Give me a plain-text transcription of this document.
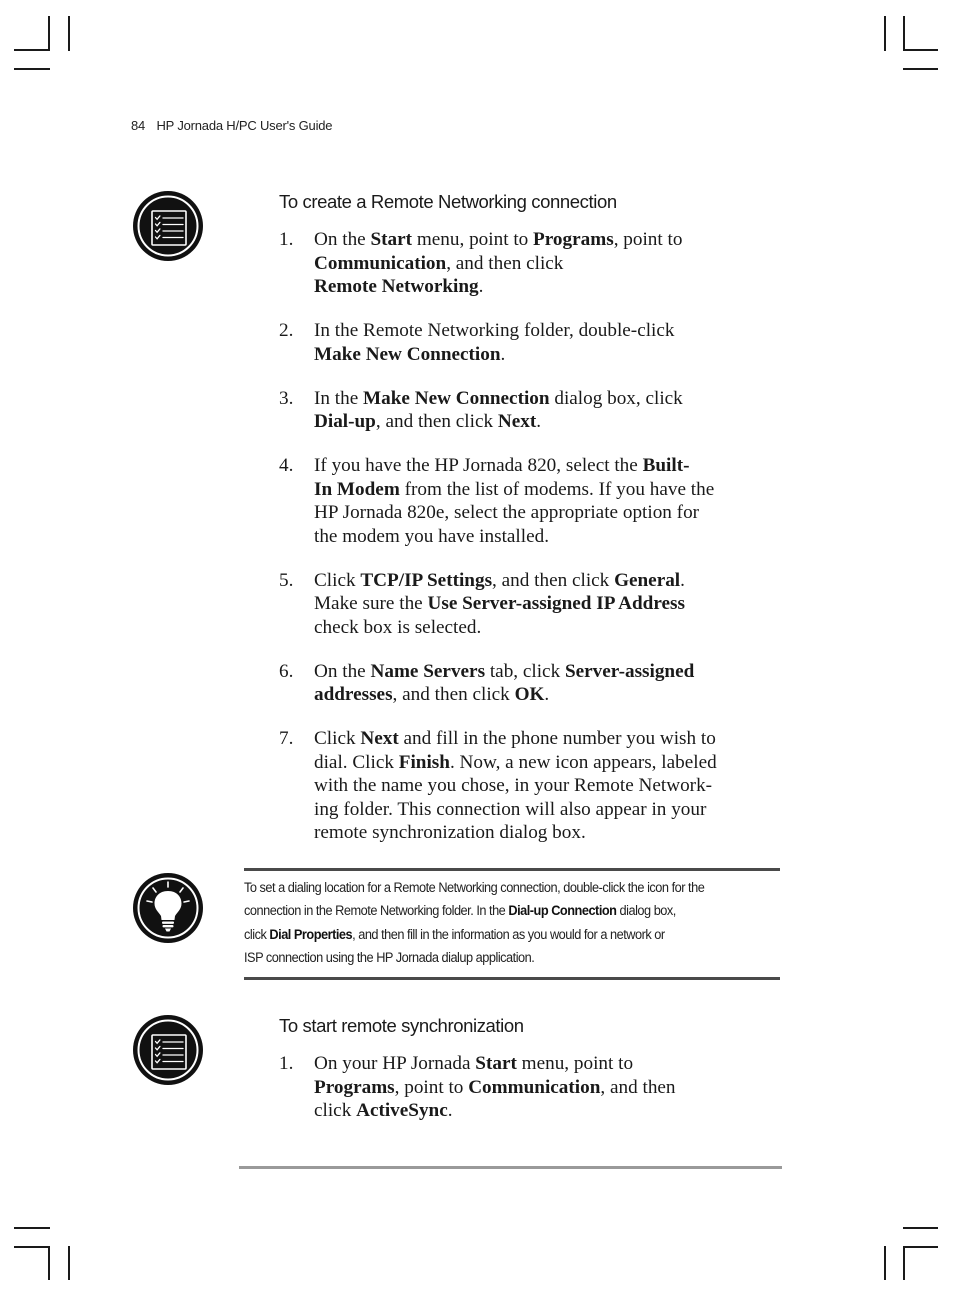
84 HP Jornada H/PC User's Guide
To create a Remote Networking connection
1. On the Start menu, point to Programs, point to
Communication, and then click
Remote Networking.
2. In the Remote Networking folder, double-click
Make New Connection.
3. In the Make New Connection dialog box, click
Dial-up, and then click Next.
4. If you have the HP Jornada 820, select the Built-
In Modem from the list of modems. If you have the
HP Jornada 820e, select the appropriate option for
the modem you have installed.
5. Click TCP/IP Settings, and then click General.
Make sure the Use Server-assigned IP Address
check box is selected.
6. On the Name Servers tab, click Server-assigned
addresses, and then click OK.
7. Click Next and fill in the phone number you wish to
dial. Click Finish. Now, a new icon appears, labeled
with the name you chose, in your Remote Network-
ing folder. This connection will also appear in your
remote synchronization dialog box.
To set a dialing location for a Remote Networking connection, double-click the icon for the
connection in the Remote Networking folder. In the Dial-up Connection dialog box,
click Dial Properties, and then fill in the information as you would for a network or
ISP connection using the HP Jornada dialup application.
To start remote synchronization
1. On your HP Jornada Start menu, point to
Programs, point to Communication, and then
click ActiveSync.
